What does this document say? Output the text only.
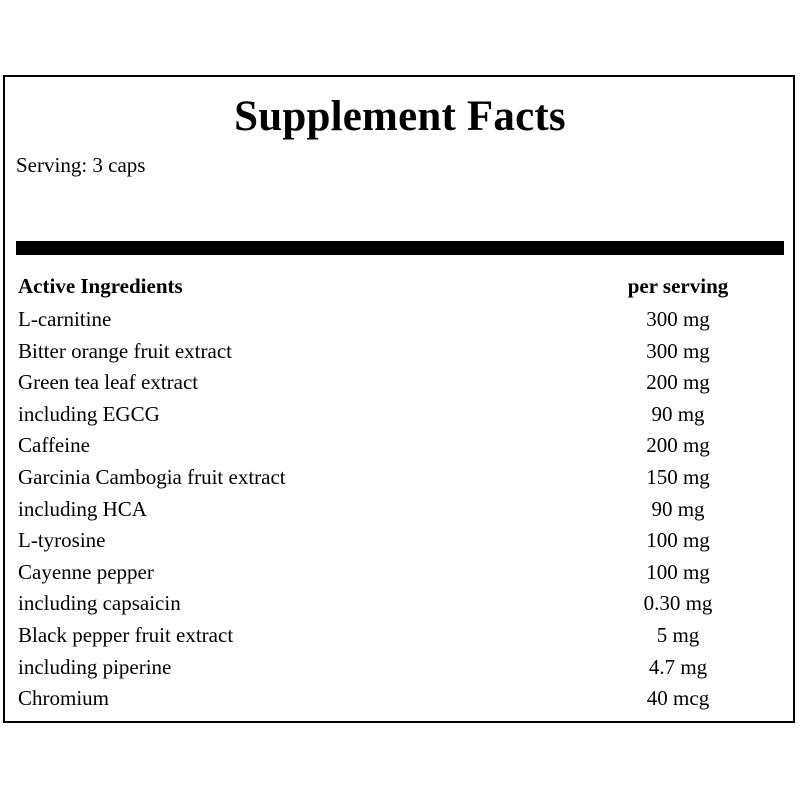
Supplement Facts
Serving: 3 caps
Active Ingredients	per serving
L-carnitine	300 mg
Bitter orange fruit extract	300 mg
Green tea leaf extract	200 mg
including EGCG	90 mg
Caffeine	200 mg
Garcinia Cambogia fruit extract	150 mg
including HCA	90 mg
L-tyrosine	100 mg
Cayenne pepper	100 mg
including capsaicin	0.30 mg
Black pepper fruit extract	5 mg
including piperine	4.7 mg
Chromium	40 mcg
